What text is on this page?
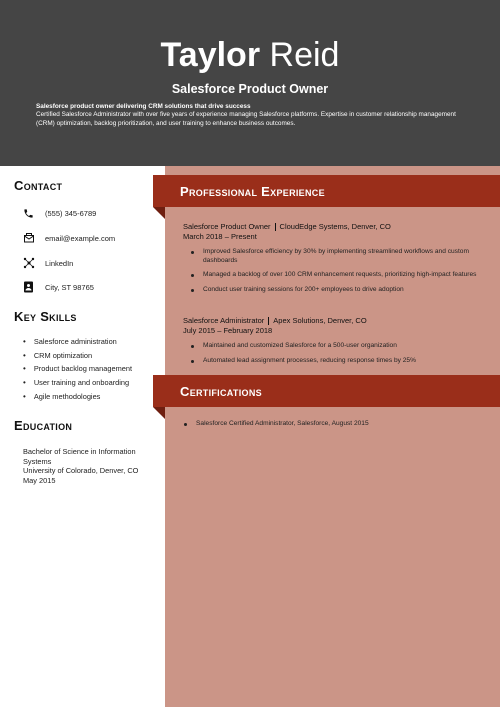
Taylor Reid
Salesforce Product Owner
Salesforce product owner delivering CRM solutions that drive success
Certified Salesforce Administrator with over five years of experience managing Salesforce platforms. Expertise in customer relationship management (CRM) optimization, backlog prioritization, and user training to enhance business outcomes.
Contact
(555) 345-6789
email@example.com
LinkedIn
City, ST 98765
Key Skills
• Salesforce administration
• CRM optimization
• Product backlog management
• User training and onboarding
• Agile methodologies
Education
Bachelor of Science in Information Systems
University of Colorado, Denver, CO
May 2015
Professional Experience
Salesforce Product Owner CloudEdge Systems, Denver, CO
March 2018 – Present
Improved Salesforce efficiency by 30% by implementing streamlined workflows and custom dashboards
Managed a backlog of over 100 CRM enhancement requests, prioritizing high-impact features
Conduct user training sessions for 200+ employees to drive adoption
Salesforce Administrator Apex Solutions, Denver, CO
July 2015 – February 2018
Maintained and customized Salesforce for a 500-user organization
Automated lead assignment processes, reducing response times by 25%
Certifications
Salesforce Certified Administrator, Salesforce, August 2015
